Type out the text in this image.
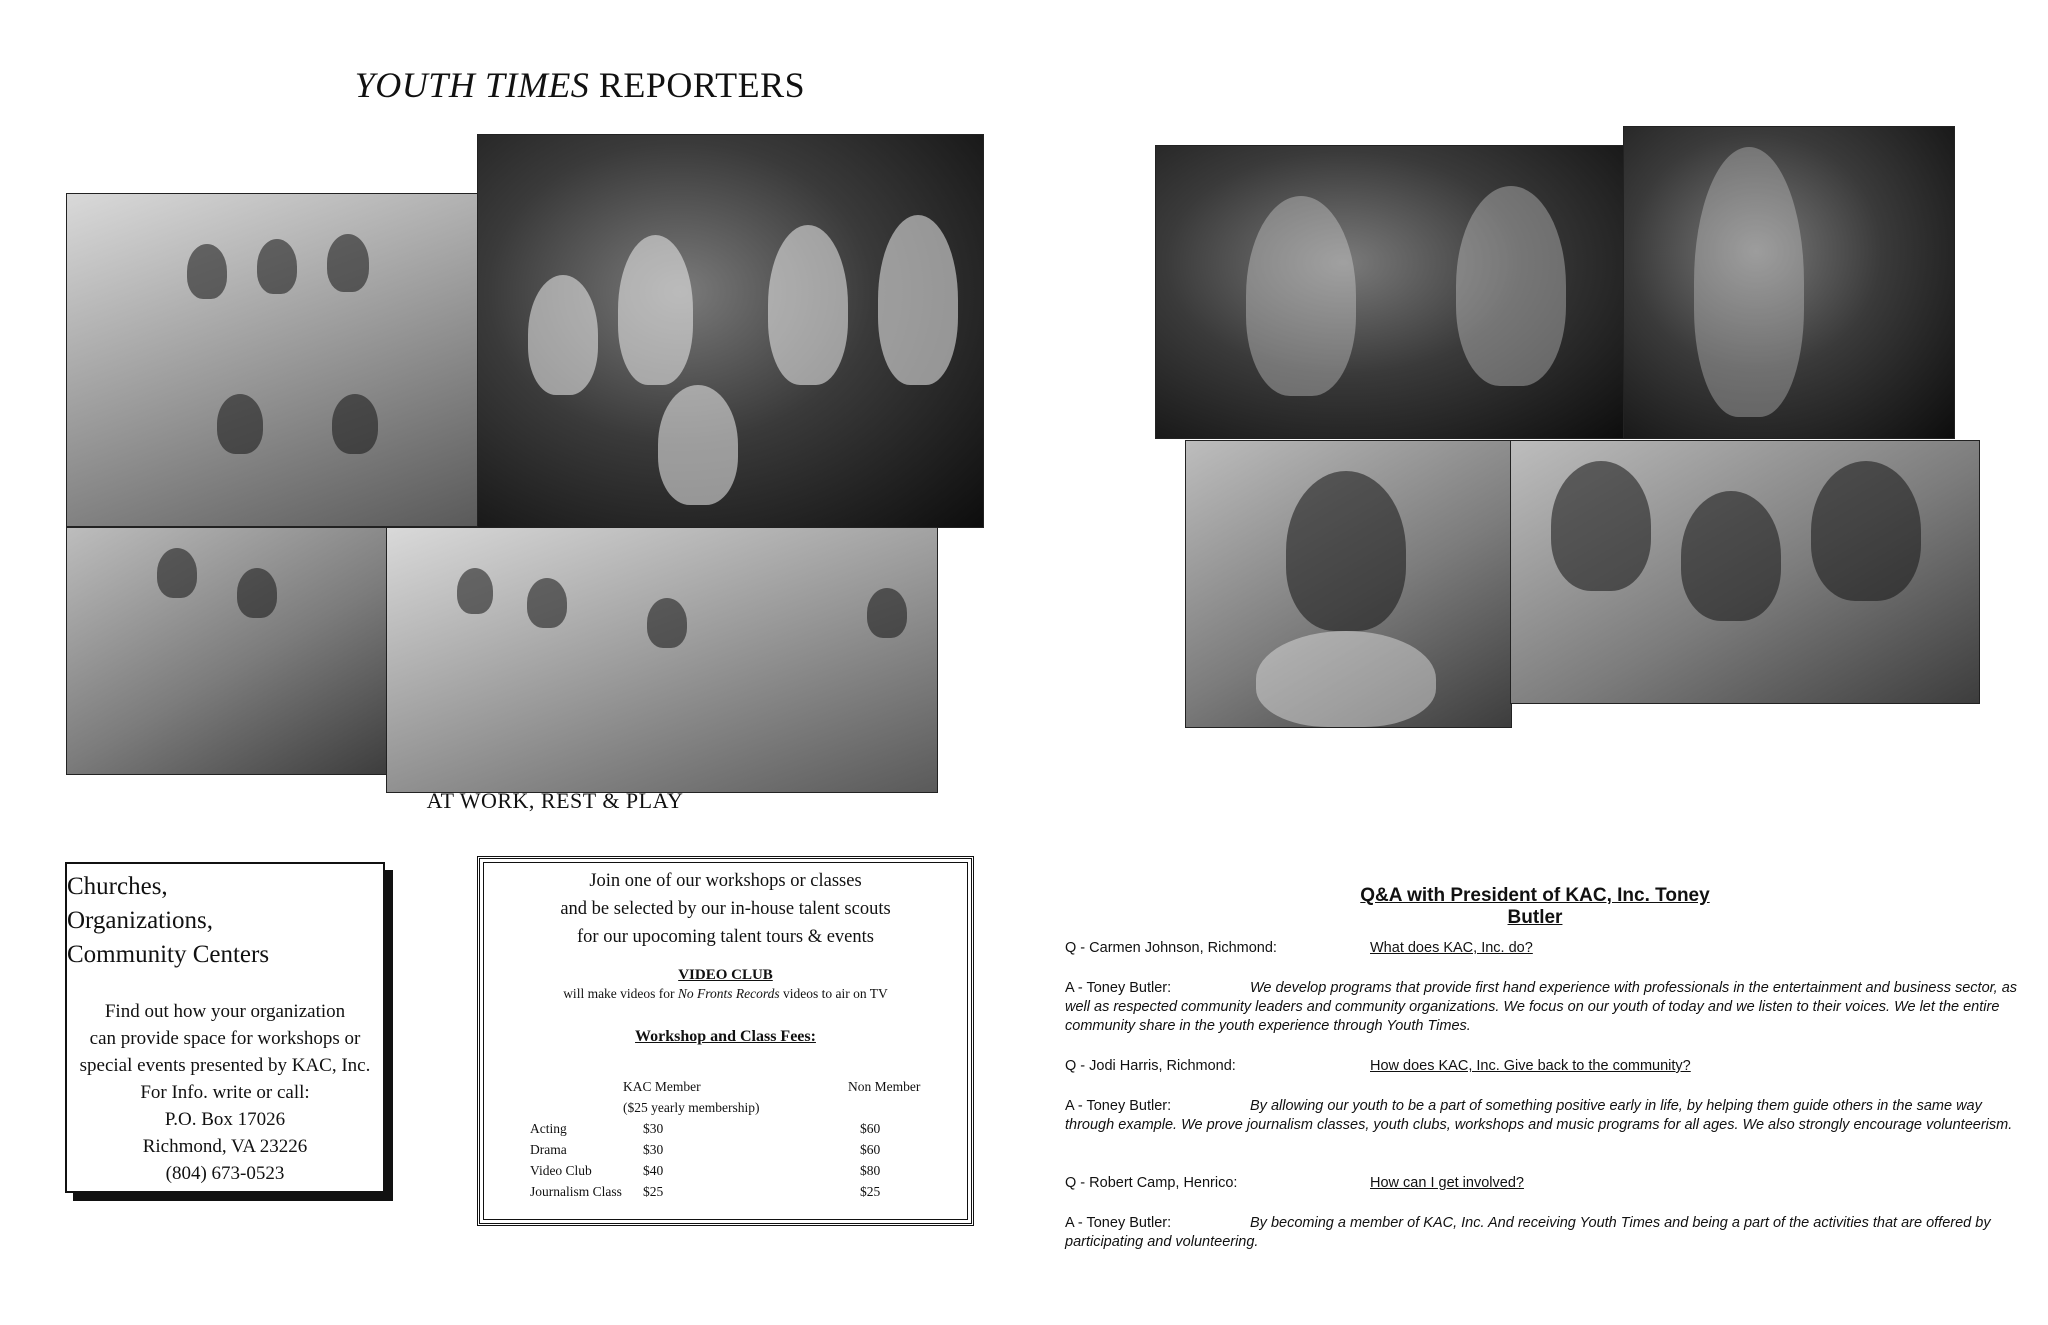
YOUTH TIMES REPORTERS
AT WORK, REST & PLAY
Churches,
Organizations,
Community Centers
Find out how your organization
can provide space for workshops or
special events presented by KAC, Inc.
For Info. write or call:
P.O. Box 17026
Richmond, VA 23226
(804) 673-0523
Join one of our workshops or classes
and be selected by our in-house talent scouts
for our upocoming talent tours & events
VIDEO CLUB
will make videos for No Fronts Records videos to air on TV
Workshop and Class Fees:
KAC Member	Non Member
($25 yearly membership)
Acting	$30	$60
Drama	$30	$60
Video Club	$40	$80
Journalism Class $25	$25
Q&A with President of KAC, Inc. Toney Butler
Q - Carmen Johnson, Richmond:	What does KAC, Inc. do?
A - Toney Butler:	We develop programs that provide first hand experience with professionals in the entertainment and business sector, as well as respected community leaders and community organizations. We focus on our youth of today and we listen to their voices. We let the entire community share in the youth experience through Youth Times.
Q - Jodi Harris, Richmond:	How does KAC, Inc. Give back to the community?
A - Toney Butler:	By allowing our youth to be a part of something positive early in life, by helping them guide others in the same way through example. We prove journalism classes, youth clubs, workshops and music programs for all ages. We also strongly encourage volunteerism.
Q - Robert Camp, Henrico:	How can I get involved?
A - Toney Butler:	By becoming a member of KAC, Inc. And receiving Youth Times and being a part of the activities that are offered by participating and volunteering.
